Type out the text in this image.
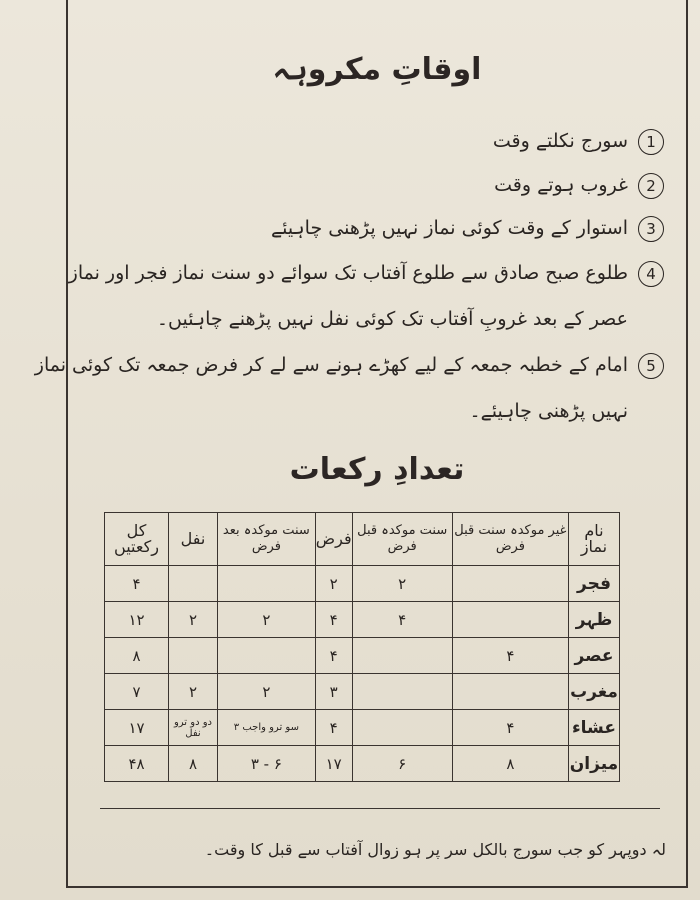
اوقاتِ مکروہہ
1سورج نکلتے وقت
2غروب ہوتے وقت
3استوار کے وقت کوئی نماز نہیں پڑھنی چاہیئے
4طلوع صبح صادق سے طلوع آفتاب تک سوائے دو سنت نماز فجر اور نماز
عصر کے بعد غروبِ آفتاب تک کوئی نفل نہیں پڑھنے چاہئیں۔
5امام کے خطبہ جمعہ کے لیے کھڑے ہونے سے لے کر فرض جمعہ تک کوئی نماز
نہیں پڑھنی چاہیئے۔
تعدادِ رکعات
نام نماز	غیر موکدہ سنت قبل فرض	سنت موکدہ قبل فرض	فرض	سنت موکدہ بعد فرض	نفل	کل رکعتیں
فجر		۲	۲			۴
ظہر		۴	۴	۲	۲	۱۲
عصر	۴		۴			۸
مغرب			۳	۲	۲	۷
عشاء	۴		۴	سو ترو واجب ۳	دو دو ترو نفل	۱۷
میزان	۸	۶	۱۷	۶ - ۳	۸	۴۸
لہ دوپہر کو جب سورج بالکل سر پر ہو زوال آفتاب سے قبل کا وقت۔
